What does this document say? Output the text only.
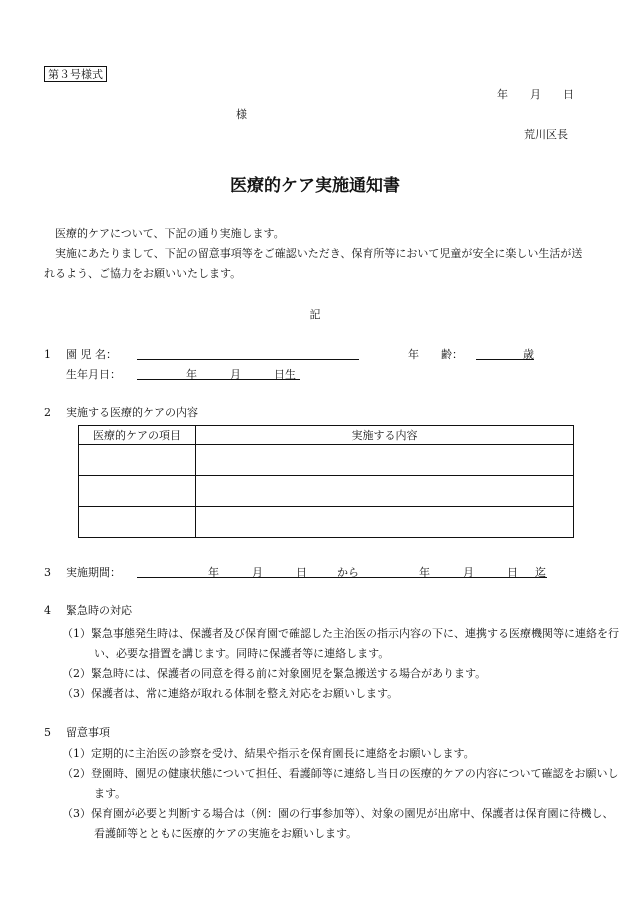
第３号様式
年　　月　　日
様
荒川区長
医療的ケア実施通知書
医療的ケアについて、下記の通り実施します。
実施にあたりまして、下記の留意事項等をご確認いただき、保育所等において児童が安全に楽しい生活が送れるよう、ご協力をお願いいたします。
記
1 園 児 名：	年　　齢：	歳
生年月日：	年　　　月　　　日生
2 実施する医療的ケアの内容
医療的ケアの項目	実施する内容

3 実施期間：	年　　　月　　　日	から	年　　　月　　　日 迄
4 緊急時の対応
（1）緊急事態発生時は、保護者及び保育園で確認した主治医の指示内容の下に、連携する医療機関等に連絡を行い、必要な措置を講じます。同時に保護者等に連絡します。
（2）緊急時には、保護者の同意を得る前に対象園児を緊急搬送する場合があります。
（3）保護者は、常に連絡が取れる体制を整え対応をお願いします。
5 留意事項
（1）定期的に主治医の診察を受け、結果や指示を保育園長に連絡をお願いします。
（2）登園時、園児の健康状態について担任、看護師等に連絡し当日の医療的ケアの内容について確認をお願いします。
（3）保育園が必要と判断する場合は（例：園の行事参加等）、対象の園児が出席中、保護者は保育園に待機し、看護師等とともに医療的ケアの実施をお願いします。
